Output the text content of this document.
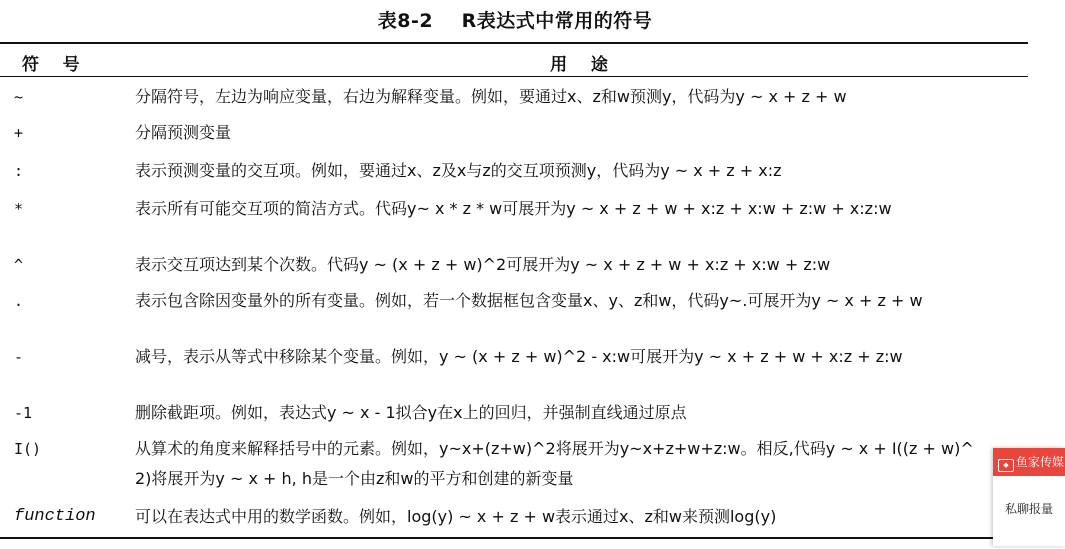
表8-2    R表达式中常用的符号
符    号	用    途
~	分隔符号，左边为响应变量，右边为解释变量。例如，要通过x、z和w预测y，代码为y ~ x + z + w
+	分隔预测变量
:	表示预测变量的交互项。例如，要通过x、z及x与z的交互项预测y，代码为y ~ x + z + x:z
*	表示所有可能交互项的简洁方式。代码y~ x * z * w可展开为y ~ x + z + w + x:z + x:w + z:w + x:z:w
^	表示交互项达到某个次数。代码y ~ (x + z + w)^2可展开为y ~ x + z + w + x:z + x:w + z:w
.	表示包含除因变量外的所有变量。例如，若一个数据框包含变量x、y、z和w，代码y~.可展开为y ~ x + z + w
-	减号，表示从等式中移除某个变量。例如，y ~ (x + z + w)^2 - x:w可展开为y ~ x + z + w + x:z + z:w
-1	删除截距项。例如，表达式y ~ x - 1拟合y在x上的回归，并强制直线通过原点
I()	从算术的角度来解释括号中的元素。例如，y~x+(z+w)^2将展开为y~x+z+w+z:w。相反,代码y ~ x + I((z + w)^2)将展开为y ~ x + h, h是一个由z和w的平方和创建的新变量
function	可以在表达式中用的数学函数。例如，log(y) ~ x + z + w表示通过x、z和w来预测log(y)
◆ 鱼家传媒
私聊报量
